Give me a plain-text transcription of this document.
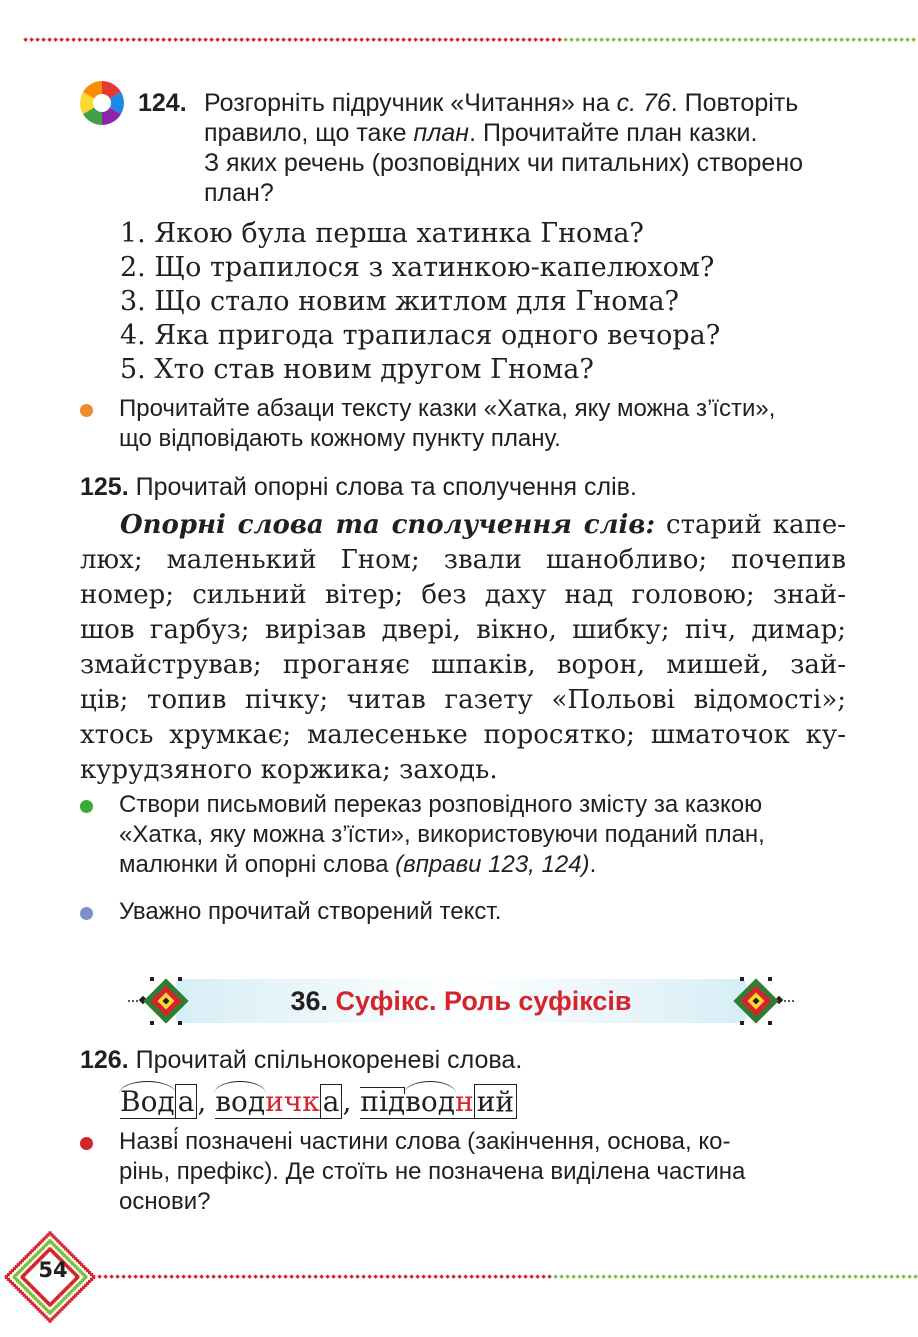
124. Розгорніть підручник «Читання» на с. 76. Повторіть
правило, що таке план. Прочитайте план казки.
З яких речень (розповідних чи питальних) створено
план?
1. Якою була перша хатинка Гнома?
2. Що трапилося з хатинкою-капелюхом?
3. Що стало новим житлом для Гнома?
4. Яка пригода трапилася одного вечора?
5. Хто став новим другом Гнома?
Прочитайте абзаци тексту казки «Хатка, яку можна з’їсти»,
що відповідають кожному пункту плану.
125. Прочитай опорні слова та сполучення слів.
Опорні слова та сполучення слів: старий капе-
люх; маленький Гном; звали шанобливо; почепив
номер; сильний вітер; без даху над головою; знай-
шов гарбуз; вирізав двері, вікно, шибку; піч, димар;
змайстрував; проганяє шпаків, ворон, мишей, зай-
ців; топив пічку; читав газету «Польові відомості»;
хтось хрумкає; малесеньке поросятко; шматочок ку-
курудзяного коржика; заходь.
Створи письмовий переказ розповідного змісту за казкою
«Хатка, яку можна з’їсти», використовуючи поданий план,
малюнки й опорні слова (вправи 123, 124).
Уважно прочитай створений текст.
36. Суфікс. Роль суфіксів
126. Прочитай спільнокореневі слова.
Вод а ,
водичк а ,
під
водн ий
Назві́ позначені частини слова (закінчення, основа, ко-
рінь, префікс). Де стоїть не позначена виділена частина
основи?
54
